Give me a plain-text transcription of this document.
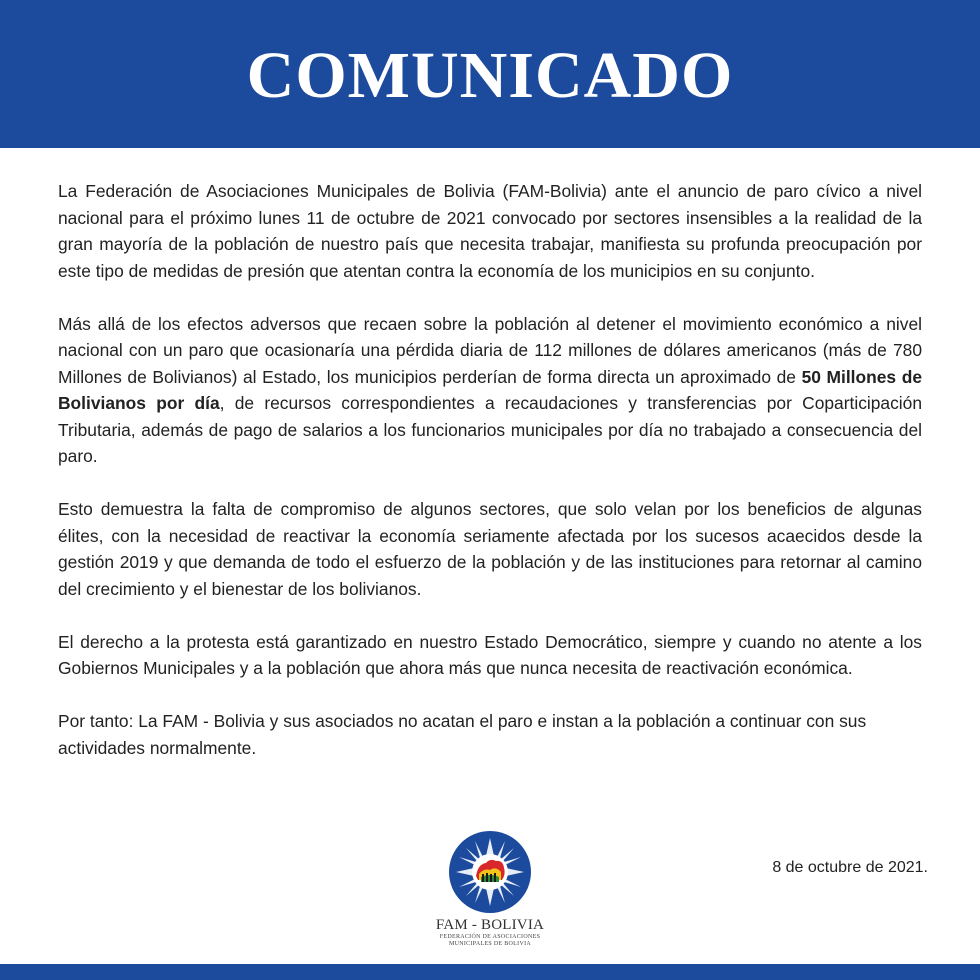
COMUNICADO

La Federación de Asociaciones Municipales de Bolivia (FAM-Bolivia) ante el anuncio de paro cívico a nivel nacional para el próximo lunes 11 de octubre de 2021 convocado por sectores insensibles a la realidad de la gran mayoría de la población de nuestro país que necesita trabajar, manifiesta su profunda preocupación por este tipo de medidas de presión que atentan contra la economía de los municipios en su conjunto.

Más allá de los efectos adversos que recaen sobre la población al detener el movimiento económico a nivel nacional con un paro que ocasionaría una pérdida diaria de 112 millones de dólares americanos (más de 780 Millones de Bolivianos) al Estado, los municipios perderían de forma directa un aproximado de 50 Millones de Bolivianos por día, de recursos correspondientes a recaudaciones y transferencias por Coparticipación Tributaria, además de pago de salarios a los funcionarios municipales por día no trabajado a consecuencia del paro.

Esto demuestra la falta de compromiso de algunos sectores, que solo velan por los beneficios de algunas élites, con la necesidad de reactivar la economía seriamente afectada por los sucesos acaecidos desde la gestión 2019 y que demanda de todo el esfuerzo de la población y de las instituciones para retornar al camino del crecimiento y el bienestar de los bolivianos.

El derecho a la protesta está garantizado en nuestro Estado Democrático, siempre y cuando no atente a los Gobiernos Municipales y a la población que ahora más que nunca necesita de reactivación económica.

Por tanto: La FAM - Bolivia y sus asociados no acatan el paro e instan a la población a continuar con sus actividades normalmente.

FAM - BOLIVIA
FEDERACIÓN DE ASOCIACIONES
MUNICIPALES DE BOLIVIA
8 de octubre de 2021.
